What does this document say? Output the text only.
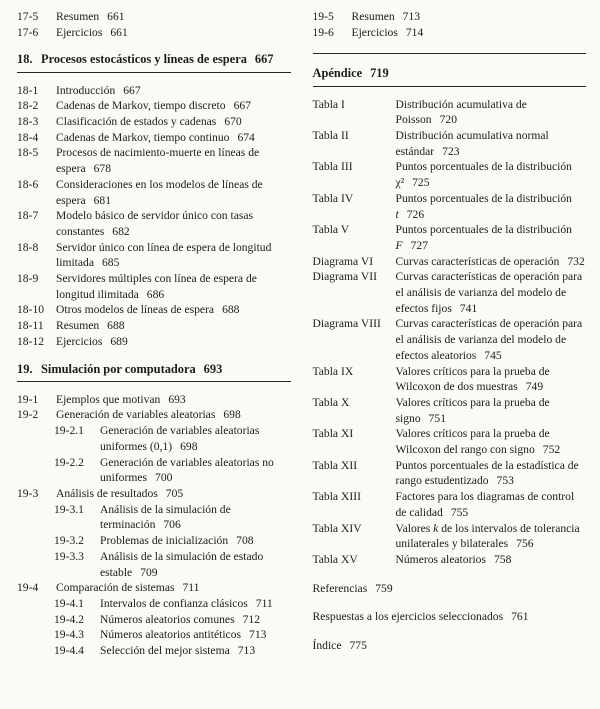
17-5	Resumen 661
17-6	Ejercicios 661
18. Procesos estocásticos y líneas de espera 667
18-1	Introducción 667
18-2	Cadenas de Markov, tiempo discreto 667
18-3	Clasificación de estados y cadenas 670
18-4	Cadenas de Markov, tiempo continuo 674
18-5	Procesos de nacimiento-muerte en líneas de espera 678
18-6	Consideraciones en los modelos de líneas de espera 681
18-7	Modelo básico de servidor único con tasas constantes 682
18-8	Servidor único con línea de espera de longitud limitada 685
18-9	Servidores múltiples con línea de espera de longitud ilimitada 686
18-10	Otros modelos de líneas de espera 688
18-11	Resumen 688
18-12	Ejercicios 689
19. Simulación por computadora 693
19-1	Ejemplos que motivan 693
19-2	Generación de variables aleatorias 698
19-2.1	Generación de variables aleatorias uniformes (0,1) 698
19-2.2	Generación de variables aleatorias no uniformes 700
19-3	Análisis de resultados 705
19-3.1	Análisis de la simulación de terminación 706
19-3.2	Problemas de inicialización 708
19-3.3	Análisis de la simulación de estado estable 709
19-4	Comparación de sistemas 711
19-4.1	Intervalos de confianza clásicos 711
19-4.2	Números aleatorios comunes 712
19-4.3	Números aleatorios antitéticos 713
19-4.4	Selección del mejor sistema 713
19-5	Resumen 713
19-6	Ejercicios 714
Apéndice 719
Tabla I	Distribución acumulativa de Poisson 720
Tabla II	Distribución acumulativa normal estándar 723
Tabla III	Puntos porcentuales de la distribución χ² 725
Tabla IV	Puntos porcentuales de la distribución t 726
Tabla V	Puntos porcentuales de la distribución F 727
Diagrama VI	Curvas características de operación 732
Diagrama VII	Curvas características de operación para el análisis de varianza del modelo de efectos fijos 741
Diagrama VIII	Curvas características de operación para el análisis de varianza del modelo de efectos aleatorios 745
Tabla IX	Valores críticos para la prueba de Wilcoxon de dos muestras 749
Tabla X	Valores críticos para la prueba de signo 751
Tabla XI	Valores críticos para la prueba de Wilcoxon del rango con signo 752
Tabla XII	Puntos porcentuales de la estadística de rango estudentizado 753
Tabla XIII	Factores para los diagramas de control de calidad 755
Tabla XIV	Valores k de los intervalos de tolerancia unilaterales y bilaterales 756
Tabla XV	Números aleatorios 758
Referencias 759
Respuestas a los ejercicios seleccionados 761
Índice 775
